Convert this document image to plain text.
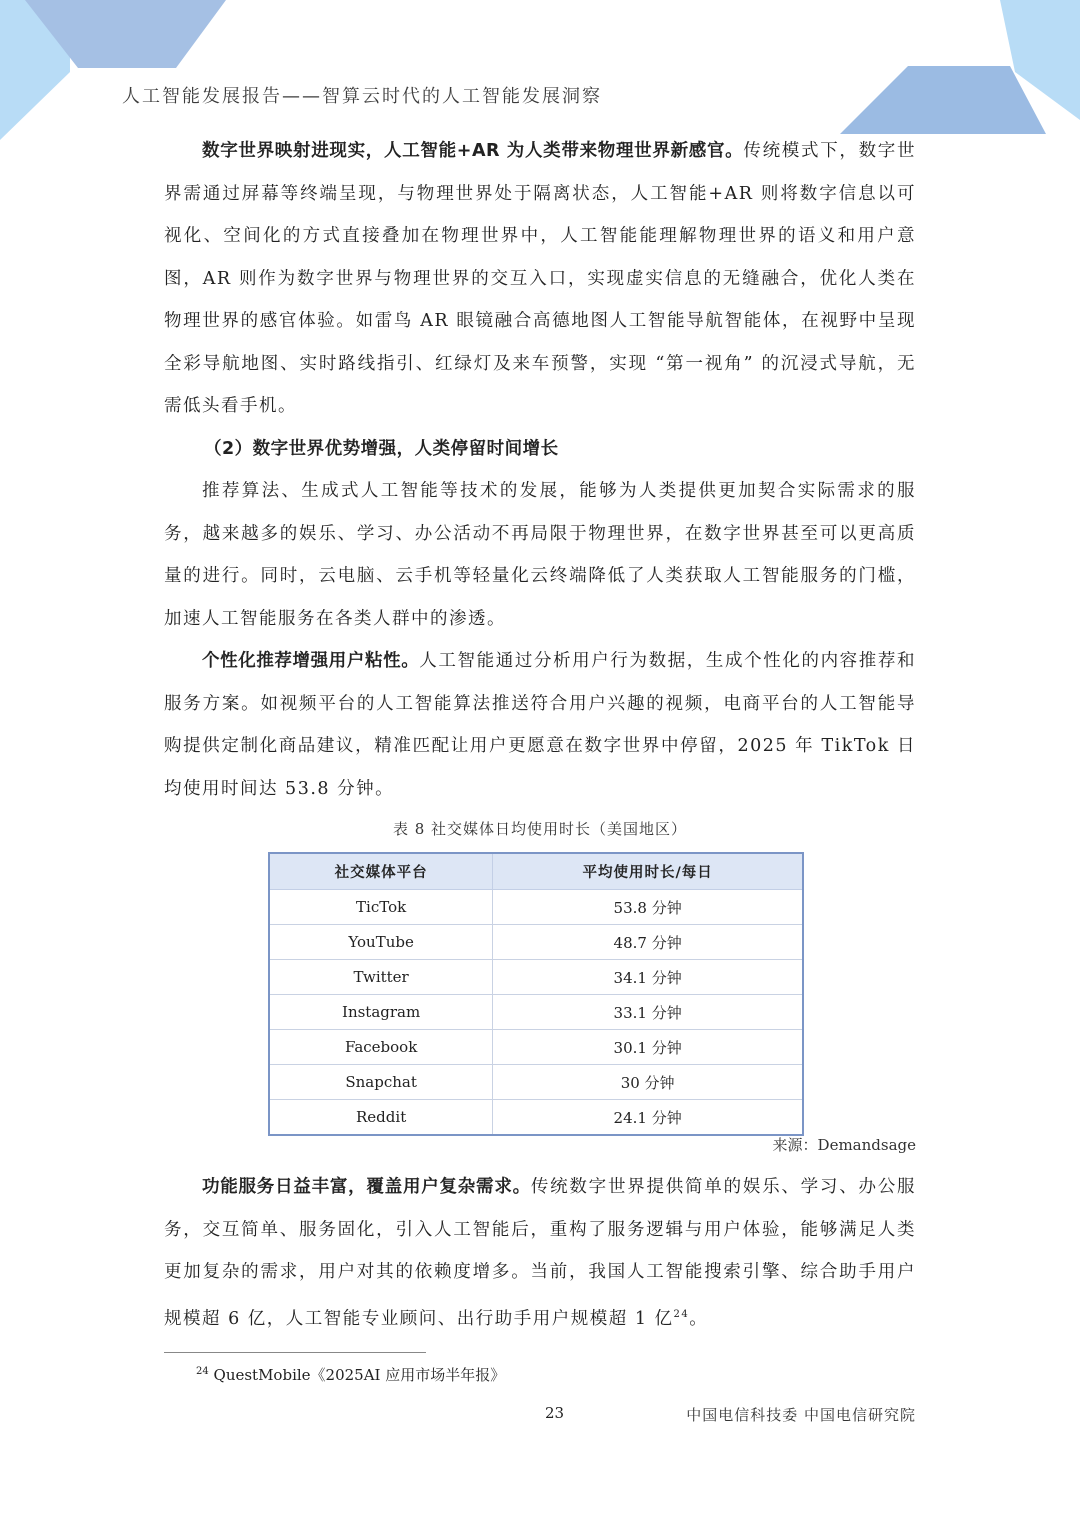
人工智能发展报告——智算云时代的人工智能发展洞察

数字世界映射进现实，人工智能+AR 为人类带来物理世界新感官。传统模式下，数字世界需通过屏幕等终端呈现，与物理世界处于隔离状态，人工智能+AR 则将数字信息以可视化、空间化的方式直接叠加在物理世界中，人工智能能理解物理世界的语义和用户意图，AR 则作为数字世界与物理世界的交互入口，实现虚实信息的无缝融合，优化人类在物理世界的感官体验。如雷鸟 AR 眼镜融合高德地图人工智能导航智能体，在视野中呈现全彩导航地图、实时路线指引、红绿灯及来车预警，实现 “第一视角” 的沉浸式导航，无需低头看手机。

（2）数字世界优势增强，人类停留时间增长

推荐算法、生成式人工智能等技术的发展，能够为人类提供更加契合实际需求的服务，越来越多的娱乐、学习、办公活动不再局限于物理世界，在数字世界甚至可以更高质量的进行。同时，云电脑、云手机等轻量化云终端降低了人类获取人工智能服务的门槛，加速人工智能服务在各类人群中的渗透。

个性化推荐增强用户粘性。人工智能通过分析用户行为数据，生成个性化的内容推荐和服务方案。如视频平台的人工智能算法推送符合用户兴趣的视频，电商平台的人工智能导购提供定制化商品建议，精准匹配让用户更愿意在数字世界中停留，2025 年 TikTok 日均使用时间达 53.8 分钟。

表 8 社交媒体日均使用时长（美国地区）
社交媒体平台	平均使用时长/每日
TicTok	53.8 分钟
YouTube	48.7 分钟
Twitter	34.1 分钟
Instagram	33.1 分钟
Facebook	30.1 分钟
Snapchat	30 分钟
Reddit	24.1 分钟
来源：Demandsage

功能服务日益丰富，覆盖用户复杂需求。传统数字世界提供简单的娱乐、学习、办公服务，交互简单、服务固化，引入人工智能后，重构了服务逻辑与用户体验，能够满足人类更加复杂的需求，用户对其的依赖度增多。当前，我国人工智能搜索引擎、综合助手用户规模超 6 亿，人工智能专业顾问、出行助手用户规模超 1 亿$^{24}$。

$^{24}$ QuestMobile《2025AI 应用市场半年报》
23	中国电信科技委 中国电信研究院
